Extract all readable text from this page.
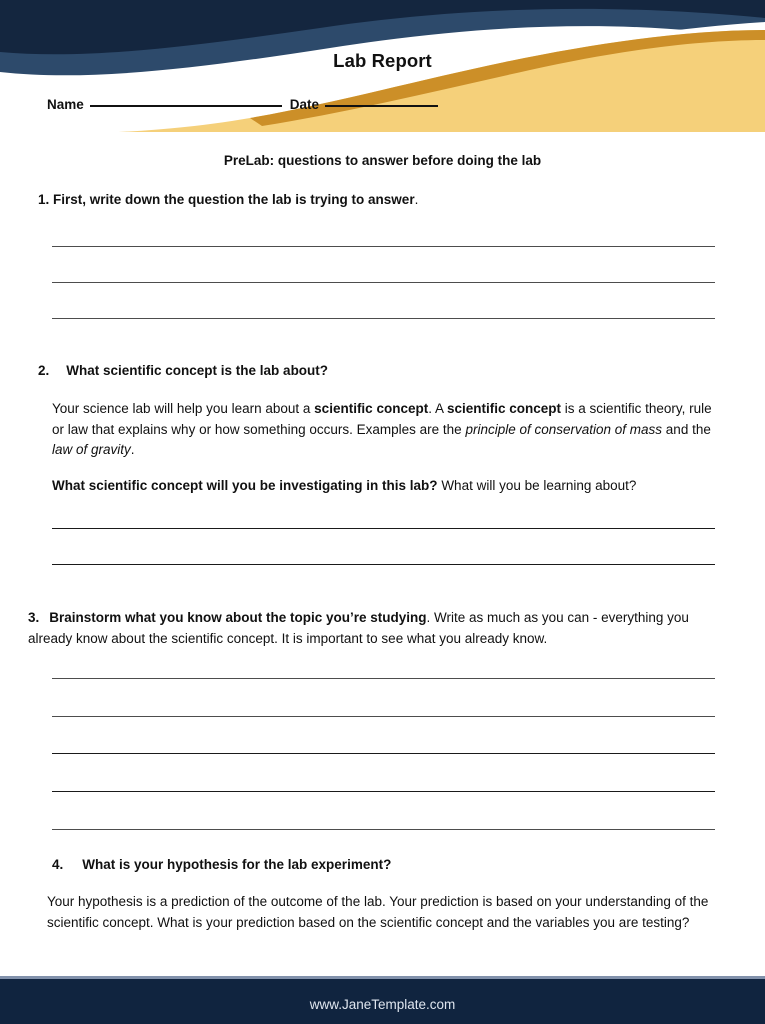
Lab Report
Name	Date
PreLab: questions to answer before doing the lab
1. First, write down the question the lab is trying to answer.
2. What scientific concept is the lab about?
Your science lab will help you learn about a scientific concept. A scientific concept is a scientific theory, rule or law that explains why or how something occurs. Examples are the principle of conservation of mass and the law of gravity.
What scientific concept will you be investigating in this lab? What will you be learning about?
3. Brainstorm what you know about the topic you’re studying. Write as much as you can - everything you already know about the scientific concept. It is important to see what you already know.
4. What is your hypothesis for the lab experiment?
Your hypothesis is a prediction of the outcome of the lab. Your prediction is based on your understanding of the scientific concept. What is your prediction based on the scientific concept and the variables you are testing?
www.JaneTemplate.com
